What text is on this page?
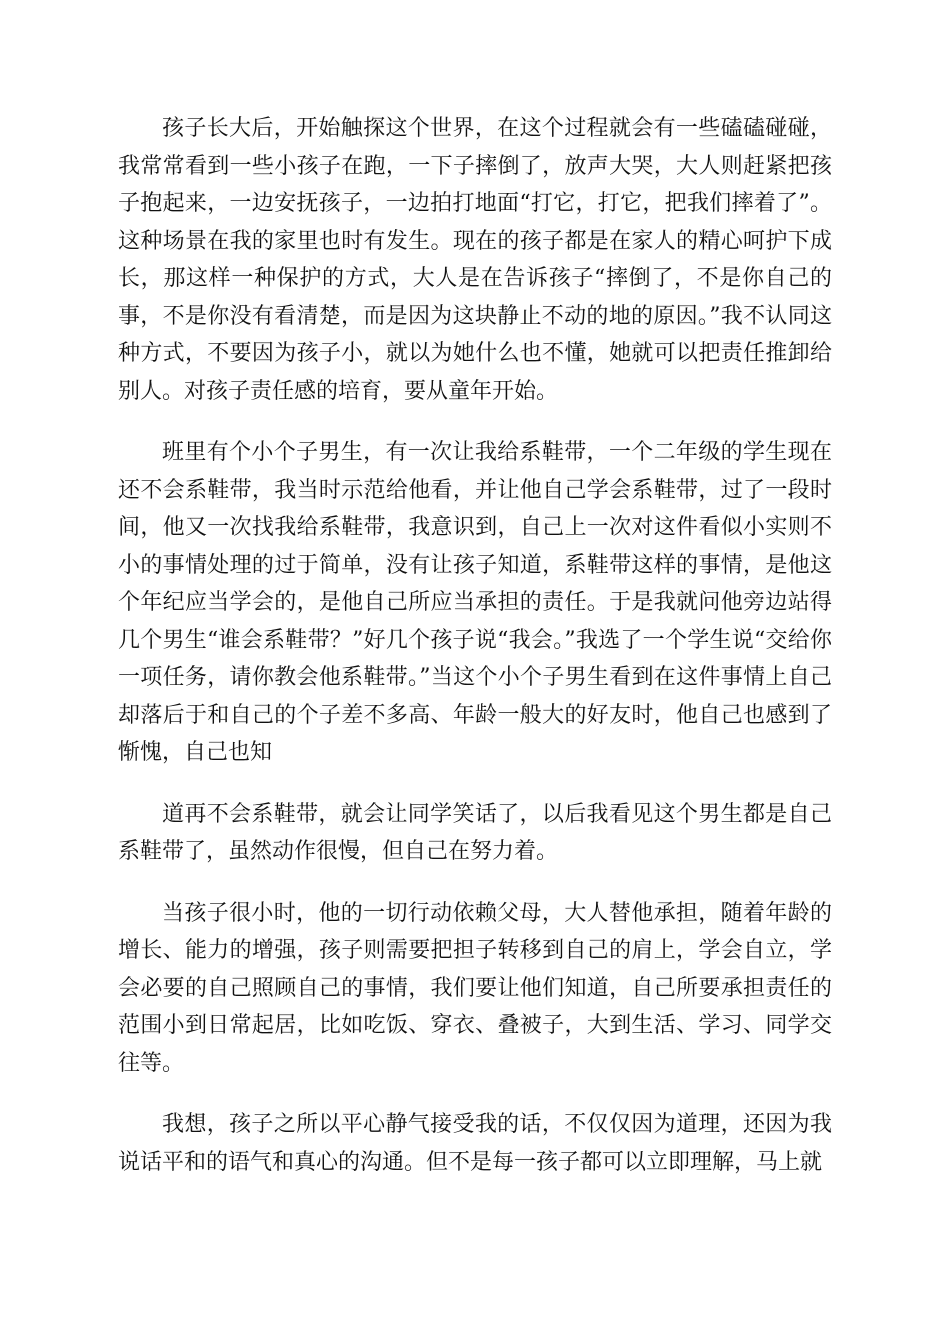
孩子长大后，开始触探这个世界，在这个过程就会有一些磕磕碰碰，我常常看到一些小孩子在跑，一下子摔倒了，放声大哭，大人则赶紧把孩子抱起来，一边安抚孩子，一边拍打地面“打它，打它，把我们摔着了”。这种场景在我的家里也时有发生。现在的孩子都是在家人的精心呵护下成长，那这样一种保护的方式，大人是在告诉孩子“摔倒了，不是你自己的事，不是你没有看清楚，而是因为这块静止不动的地的原因。”我不认同这种方式，不要因为孩子小，就以为她什么也不懂，她就可以把责任推卸给别人。对孩子责任感的培育，要从童年开始。

班里有个小个子男生，有一次让我给系鞋带，一个二年级的学生现在还不会系鞋带，我当时示范给他看，并让他自己学会系鞋带，过了一段时间，他又一次找我给系鞋带，我意识到，自己上一次对这件看似小实则不小的事情处理的过于简单，没有让孩子知道，系鞋带这样的事情，是他这个年纪应当学会的，是他自己所应当承担的责任。于是我就问他旁边站得几个男生“谁会系鞋带？”好几个孩子说“我会。”我选了一个学生说“交给你一项任务，请你教会他系鞋带。”当这个小个子男生看到在这件事情上自己却落后于和自己的个子差不多高、年龄一般大的好友时，他自己也感到了惭愧，自己也知

道再不会系鞋带，就会让同学笑话了，以后我看见这个男生都是自己系鞋带了，虽然动作很慢，但自己在努力着。

当孩子很小时，他的一切行动依赖父母，大人替他承担，随着年龄的增长、能力的增强，孩子则需要把担子转移到自己的肩上，学会自立，学会必要的自己照顾自己的事情，我们要让他们知道，自己所要承担责任的范围小到日常起居，比如吃饭、穿衣、叠被子，大到生活、学习、同学交往等。

我想，孩子之所以平心静气接受我的话，不仅仅因为道理，还因为我说话平和的语气和真心的沟通。但不是每一孩子都可以立即理解，马上就
